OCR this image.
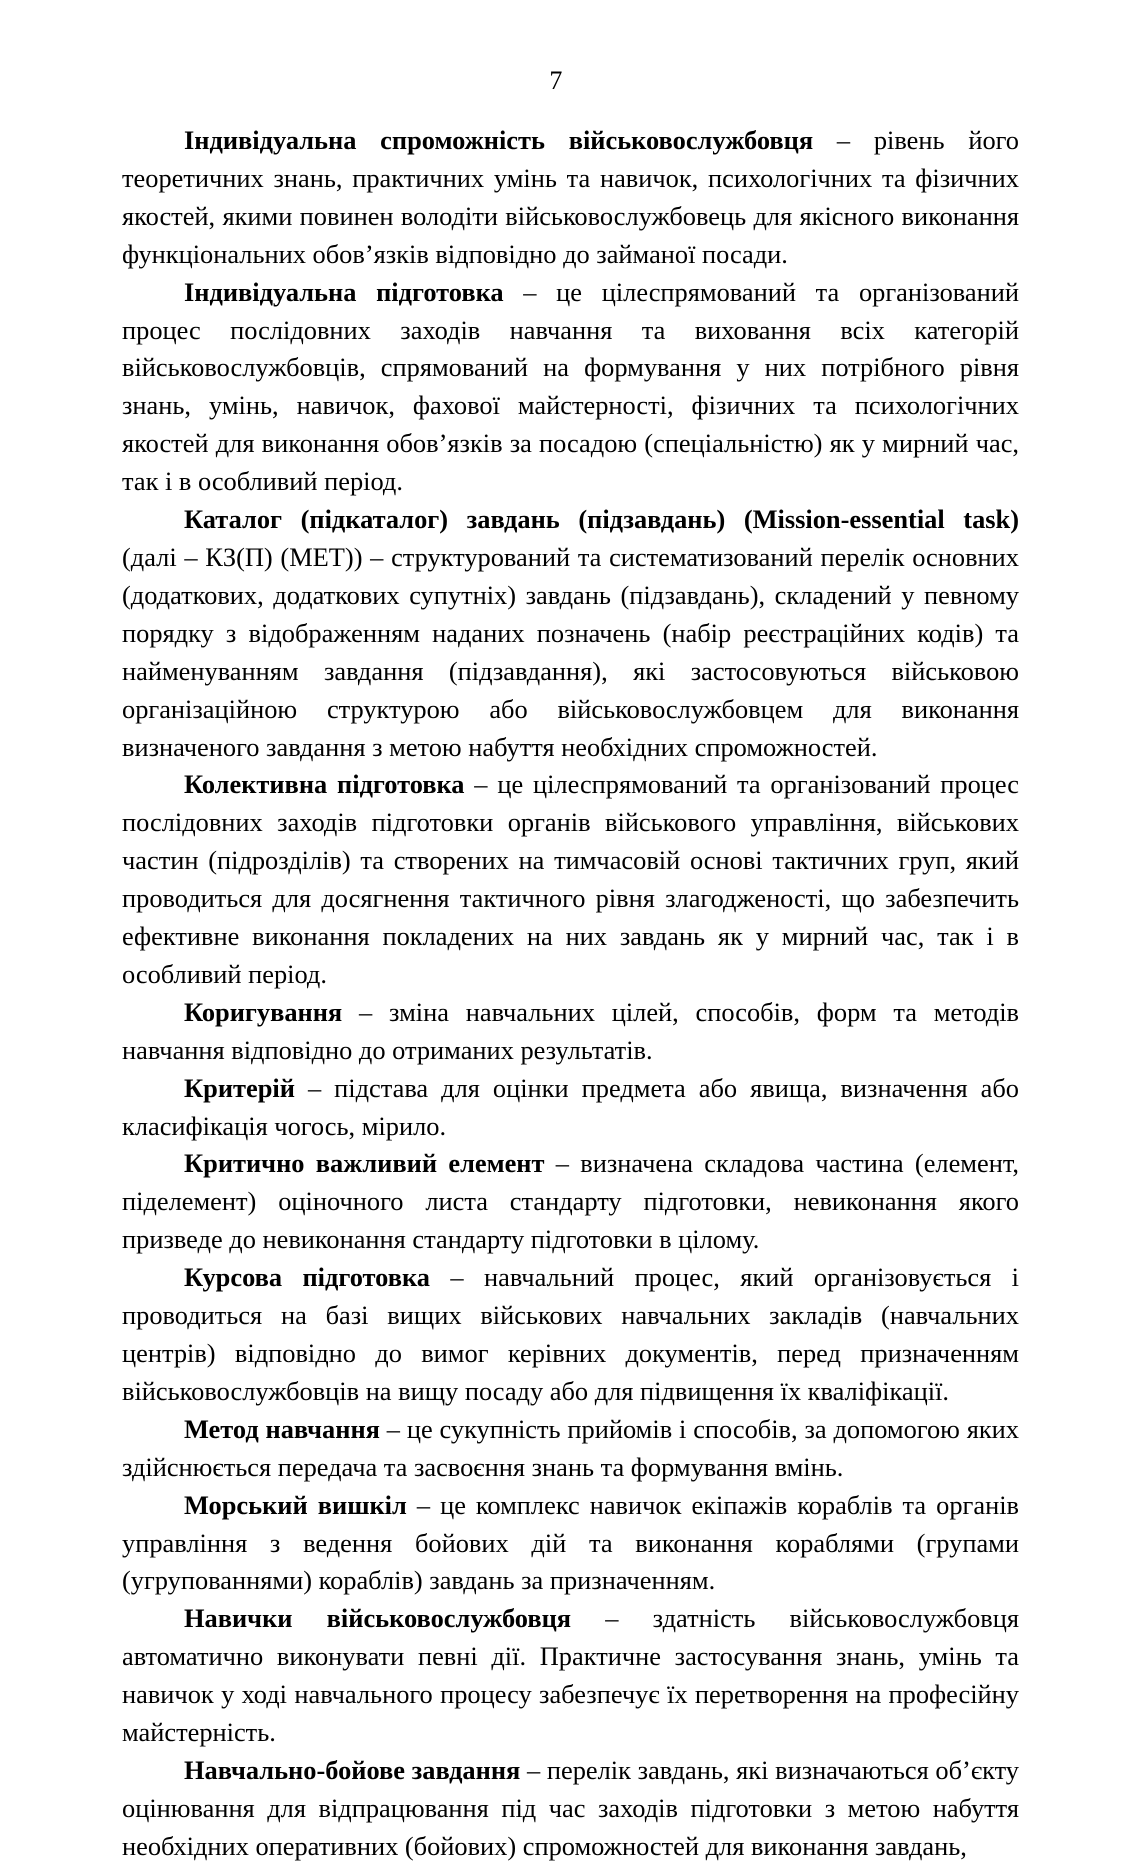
7

Індивідуальна спроможність військовослужбовця – рівень його теоретичних знань, практичних умінь та навичок, психологічних та фізичних якостей, якими повинен володіти військовослужбовець для якісного виконання функціональних обов’язків відповідно до займаної посади.

Індивідуальна підготовка – це цілеспрямований та організований процес послідовних заходів навчання та виховання всіх категорій військовослужбовців, спрямований на формування у них потрібного рівня знань, умінь, навичок, фахової майстерності, фізичних та психологічних якостей для виконання обов’язків за посадою (спеціальністю) як у мирний час, так і в особливий період.

Каталог (підкаталог) завдань (підзавдань) (Mission-essential task) (далі – КЗ(П) (МЕТ)) – структурований та систематизований перелік основних (додаткових, додаткових супутніх) завдань (підзавдань), складений у певному порядку з відображенням наданих позначень (набір реєстраційних кодів) та найменуванням завдання (підзавдання), які застосовуються військовою організаційною структурою або військовослужбовцем для виконання визначеного завдання з метою набуття необхідних спроможностей.

Колективна підготовка – це цілеспрямований та організований процес послідовних заходів підготовки органів військового управління, військових частин (підрозділів) та створених на тимчасовій основі тактичних груп, який проводиться для досягнення тактичного рівня злагодженості, що забезпечить ефективне виконання покладених на них завдань як у мирний час, так і в особливий період.

Коригування – зміна навчальних цілей, способів, форм та методів навчання відповідно до отриманих результатів.

Критерій – підстава для оцінки предмета або явища, визначення або класифікація чогось, мірило.

Критично важливий елемент – визначена складова частина (елемент, піделемент) оціночного листа стандарту підготовки, невиконання якого призведе до невиконання стандарту підготовки в цілому.

Курсова підготовка – навчальний процес, який організовується і проводиться на базі вищих військових навчальних закладів (навчальних центрів) відповідно до вимог керівних документів, перед призначенням військовослужбовців на вищу посаду або для підвищення їх кваліфікації.

Метод навчання – це сукупність прийомів і способів, за допомогою яких здійснюється передача та засвоєння знань та формування вмінь.

Морський вишкіл – це комплекс навичок екіпажів кораблів та органів управління з ведення бойових дій та виконання кораблями (групами (угрупованнями) кораблів) завдань за призначенням.

Навички військовослужбовця – здатність військовослужбовця автоматично виконувати певні дії. Практичне застосування знань, умінь та навичок у ході навчального процесу забезпечує їх перетворення на професійну майстерність.

Навчально-бойове завдання – перелік завдань, які визначаються об’єкту оцінювання для відпрацювання під час заходів підготовки з метою набуття необхідних оперативних (бойових) спроможностей для виконання завдань,
